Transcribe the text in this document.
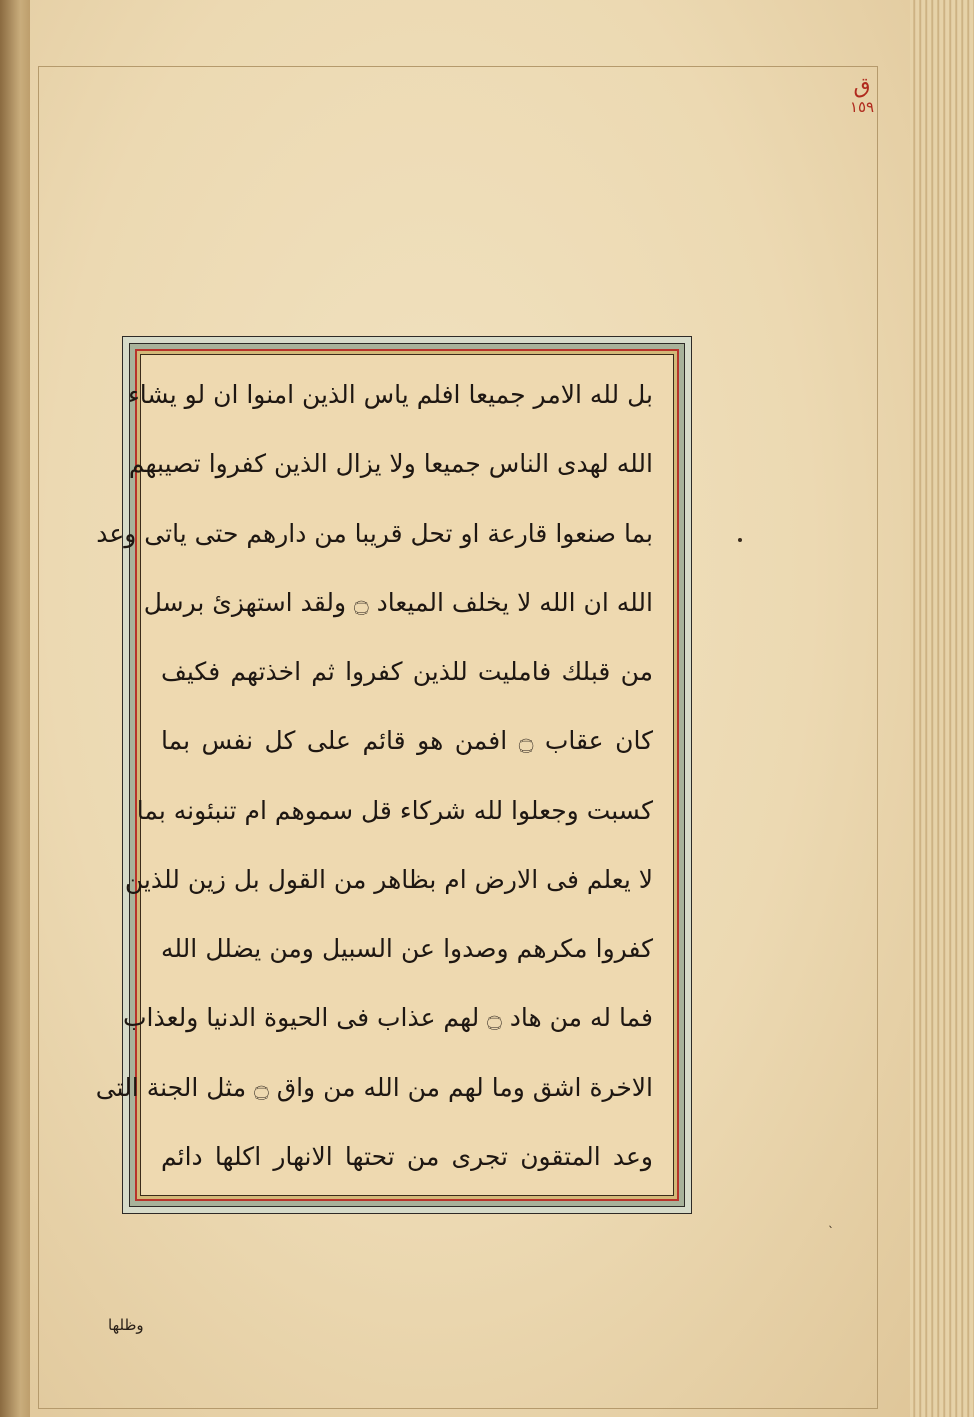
ق
١٥٩
ˎ
بل لله الامر جميعا افلم ياس الذين امنوا ان لو يشاء
الله لهدى الناس جميعا ولا يزال الذين كفروا تصيبهم
بما صنعوا قارعة او تحل قريبا من دارهم حتى ياتى وعد
الله ان الله لا يخلف الميعاد ۝ ولقد استهزئ برسل
من قبلك فامليت للذين كفروا ثم اخذتهم فكيف
كان عقاب ۝ افمن هو قائم على كل نفس بما
كسبت وجعلوا لله شركاء قل سموهم ام تنبئونه بما
لا يعلم فى الارض ام بظاهر من القول بل زين للذين
كفروا مكرهم وصدوا عن السبيل ومن يضلل الله
فما له من هاد ۝ لهم عذاب فى الحيوة الدنيا ولعذاب
الاخرة اشق وما لهم من الله من واق ۝ مثل الجنة التى
وعد المتقون تجرى من تحتها الانهار اكلها دائم
وظلها
